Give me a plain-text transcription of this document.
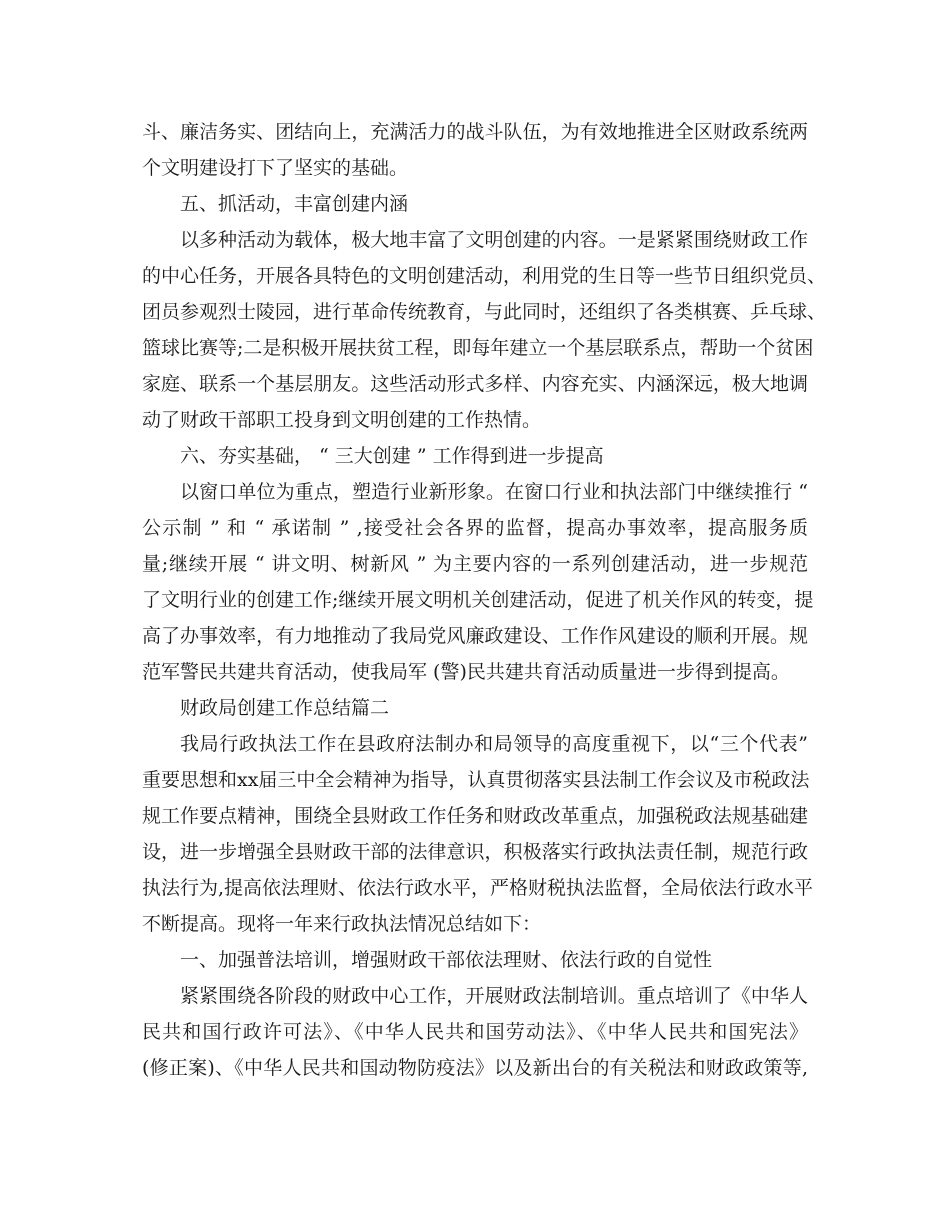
斗、廉洁务实、团结向上，充满活力的战斗队伍，为有效地推进全区财政系统两
个文明建设打下了坚实的基础。
五、抓活动，丰富创建内涵
以多种活动为载体，极大地丰富了文明创建的内容。一是紧紧围绕财政工作
的中心任务，开展各具特色的文明创建活动，利用党的生日等一些节日组织党员、
团员参观烈士陵园，进行革命传统教育，与此同时，还组织了各类棋赛、乒乓球、
篮球比赛等;二是积极开展扶贫工程，即每年建立一个基层联系点，帮助一个贫困
家庭、联系一个基层朋友。这些活动形式多样、内容充实、内涵深远，极大地调
动了财政干部职工投身到文明创建的工作热情。
六、夯实基础， “ 三大创建 ” 工作得到进一步提高
以窗口单位为重点，塑造行业新形象。在窗口行业和执法部门中继续推行 “
公示制 ” 和 “ 承诺制 ” ,接受社会各界的监督，提高办事效率，提高服务质
量;继续开展 “ 讲文明、树新风 ” 为主要内容的一系列创建活动，进一步规范
了文明行业的创建工作;继续开展文明机关创建活动，促进了机关作风的转变，提
高了办事效率，有力地推动了我局党风廉政建设、工作作风建设的顺利开展。规
范军警民共建共育活动，使我局军 (警)民共建共育活动质量进一步得到提高。
财政局创建工作总结篇二
我局行政执法工作在县政府法制办和局领导的高度重视下，以“三个代表”
重要思想和xx届三中全会精神为指导，认真贯彻落实县法制工作会议及市税政法
规工作要点精神，围绕全县财政工作任务和财政改革重点，加强税政法规基础建
设，进一步增强全县财政干部的法律意识，积极落实行政执法责任制，规范行政
执法行为,提高依法理财、依法行政水平，严格财税执法监督，全局依法行政水平
不断提高。现将一年来行政执法情况总结如下：
一、加强普法培训，增强财政干部依法理财、依法行政的自觉性
紧紧围绕各阶段的财政中心工作，开展财政法制培训。重点培训了《中华人
民共和国行政许可法》、《中华人民共和国劳动法》、《中华人民共和国宪法》
(修正案)、《中华人民共和国动物防疫法》以及新出台的有关税法和财政政策等,
